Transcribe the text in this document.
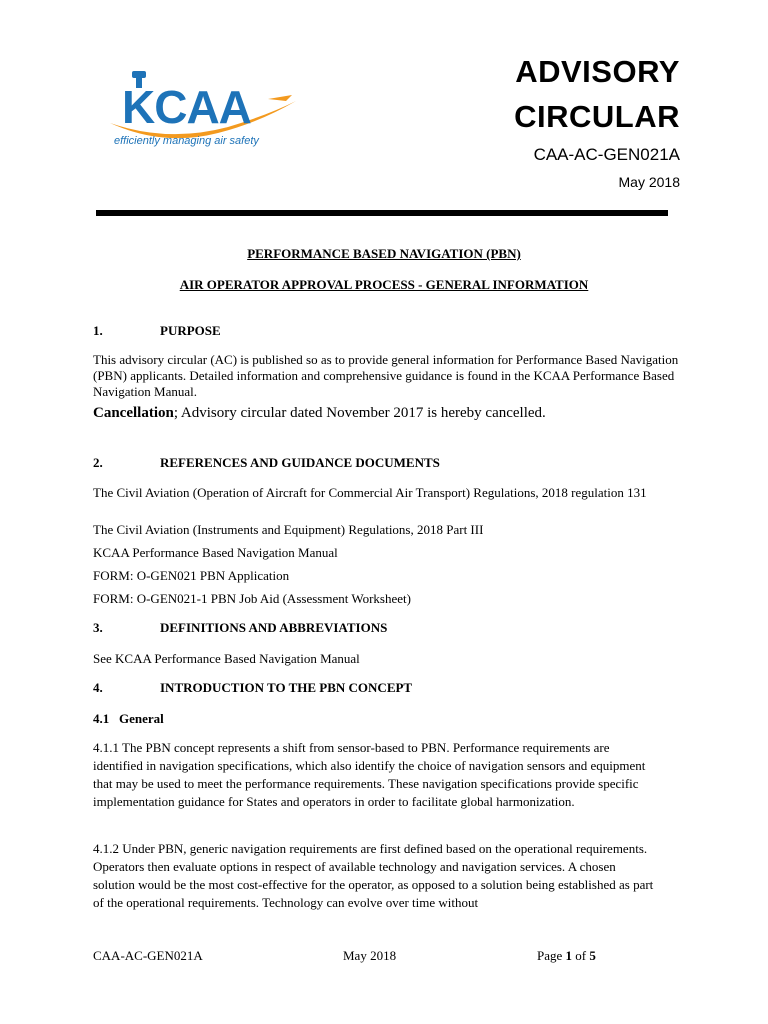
KCAA
efficiently managing air safety
ADVISORY
CIRCULAR
CAA-AC-GEN021A
May 2018
PERFORMANCE BASED NAVIGATION (PBN)
AIR OPERATOR APPROVAL PROCESS - GENERAL INFORMATION
1.	PURPOSE
This advisory circular (AC) is published so as to provide general information for Performance Based Navigation (PBN) applicants. Detailed information and comprehensive guidance is found in the KCAA Performance Based Navigation Manual.
Cancellation; Advisory circular dated November 2017 is hereby cancelled.
2.	REFERENCES AND GUIDANCE DOCUMENTS
The Civil Aviation (Operation of Aircraft for Commercial Air Transport) Regulations, 2018 regulation 131
The Civil Aviation (Instruments and Equipment) Regulations, 2018 Part III
KCAA Performance Based Navigation Manual
FORM: O-GEN021 PBN Application
FORM: O-GEN021-1 PBN Job Aid (Assessment Worksheet)
3.	DEFINITIONS AND ABBREVIATIONS
See KCAA Performance Based Navigation Manual
4.	INTRODUCTION TO THE PBN CONCEPT
4.1   General
4.1.1 The PBN concept represents a shift from sensor-based to PBN. Performance requirements are identified in navigation specifications, which also identify the choice of navigation sensors and equipment that may be used to meet the performance requirements. These navigation specifications provide specific implementation guidance for States and operators in order to facilitate global harmonization.
4.1.2 Under PBN, generic navigation requirements are first defined based on the operational requirements. Operators then evaluate options in respect of available technology and navigation services. A chosen solution would be the most cost-effective for the operator, as opposed to a solution being established as part of the operational requirements. Technology can evolve over time without
CAA-AC-GEN021A	May 2018	Page 1 of 5
